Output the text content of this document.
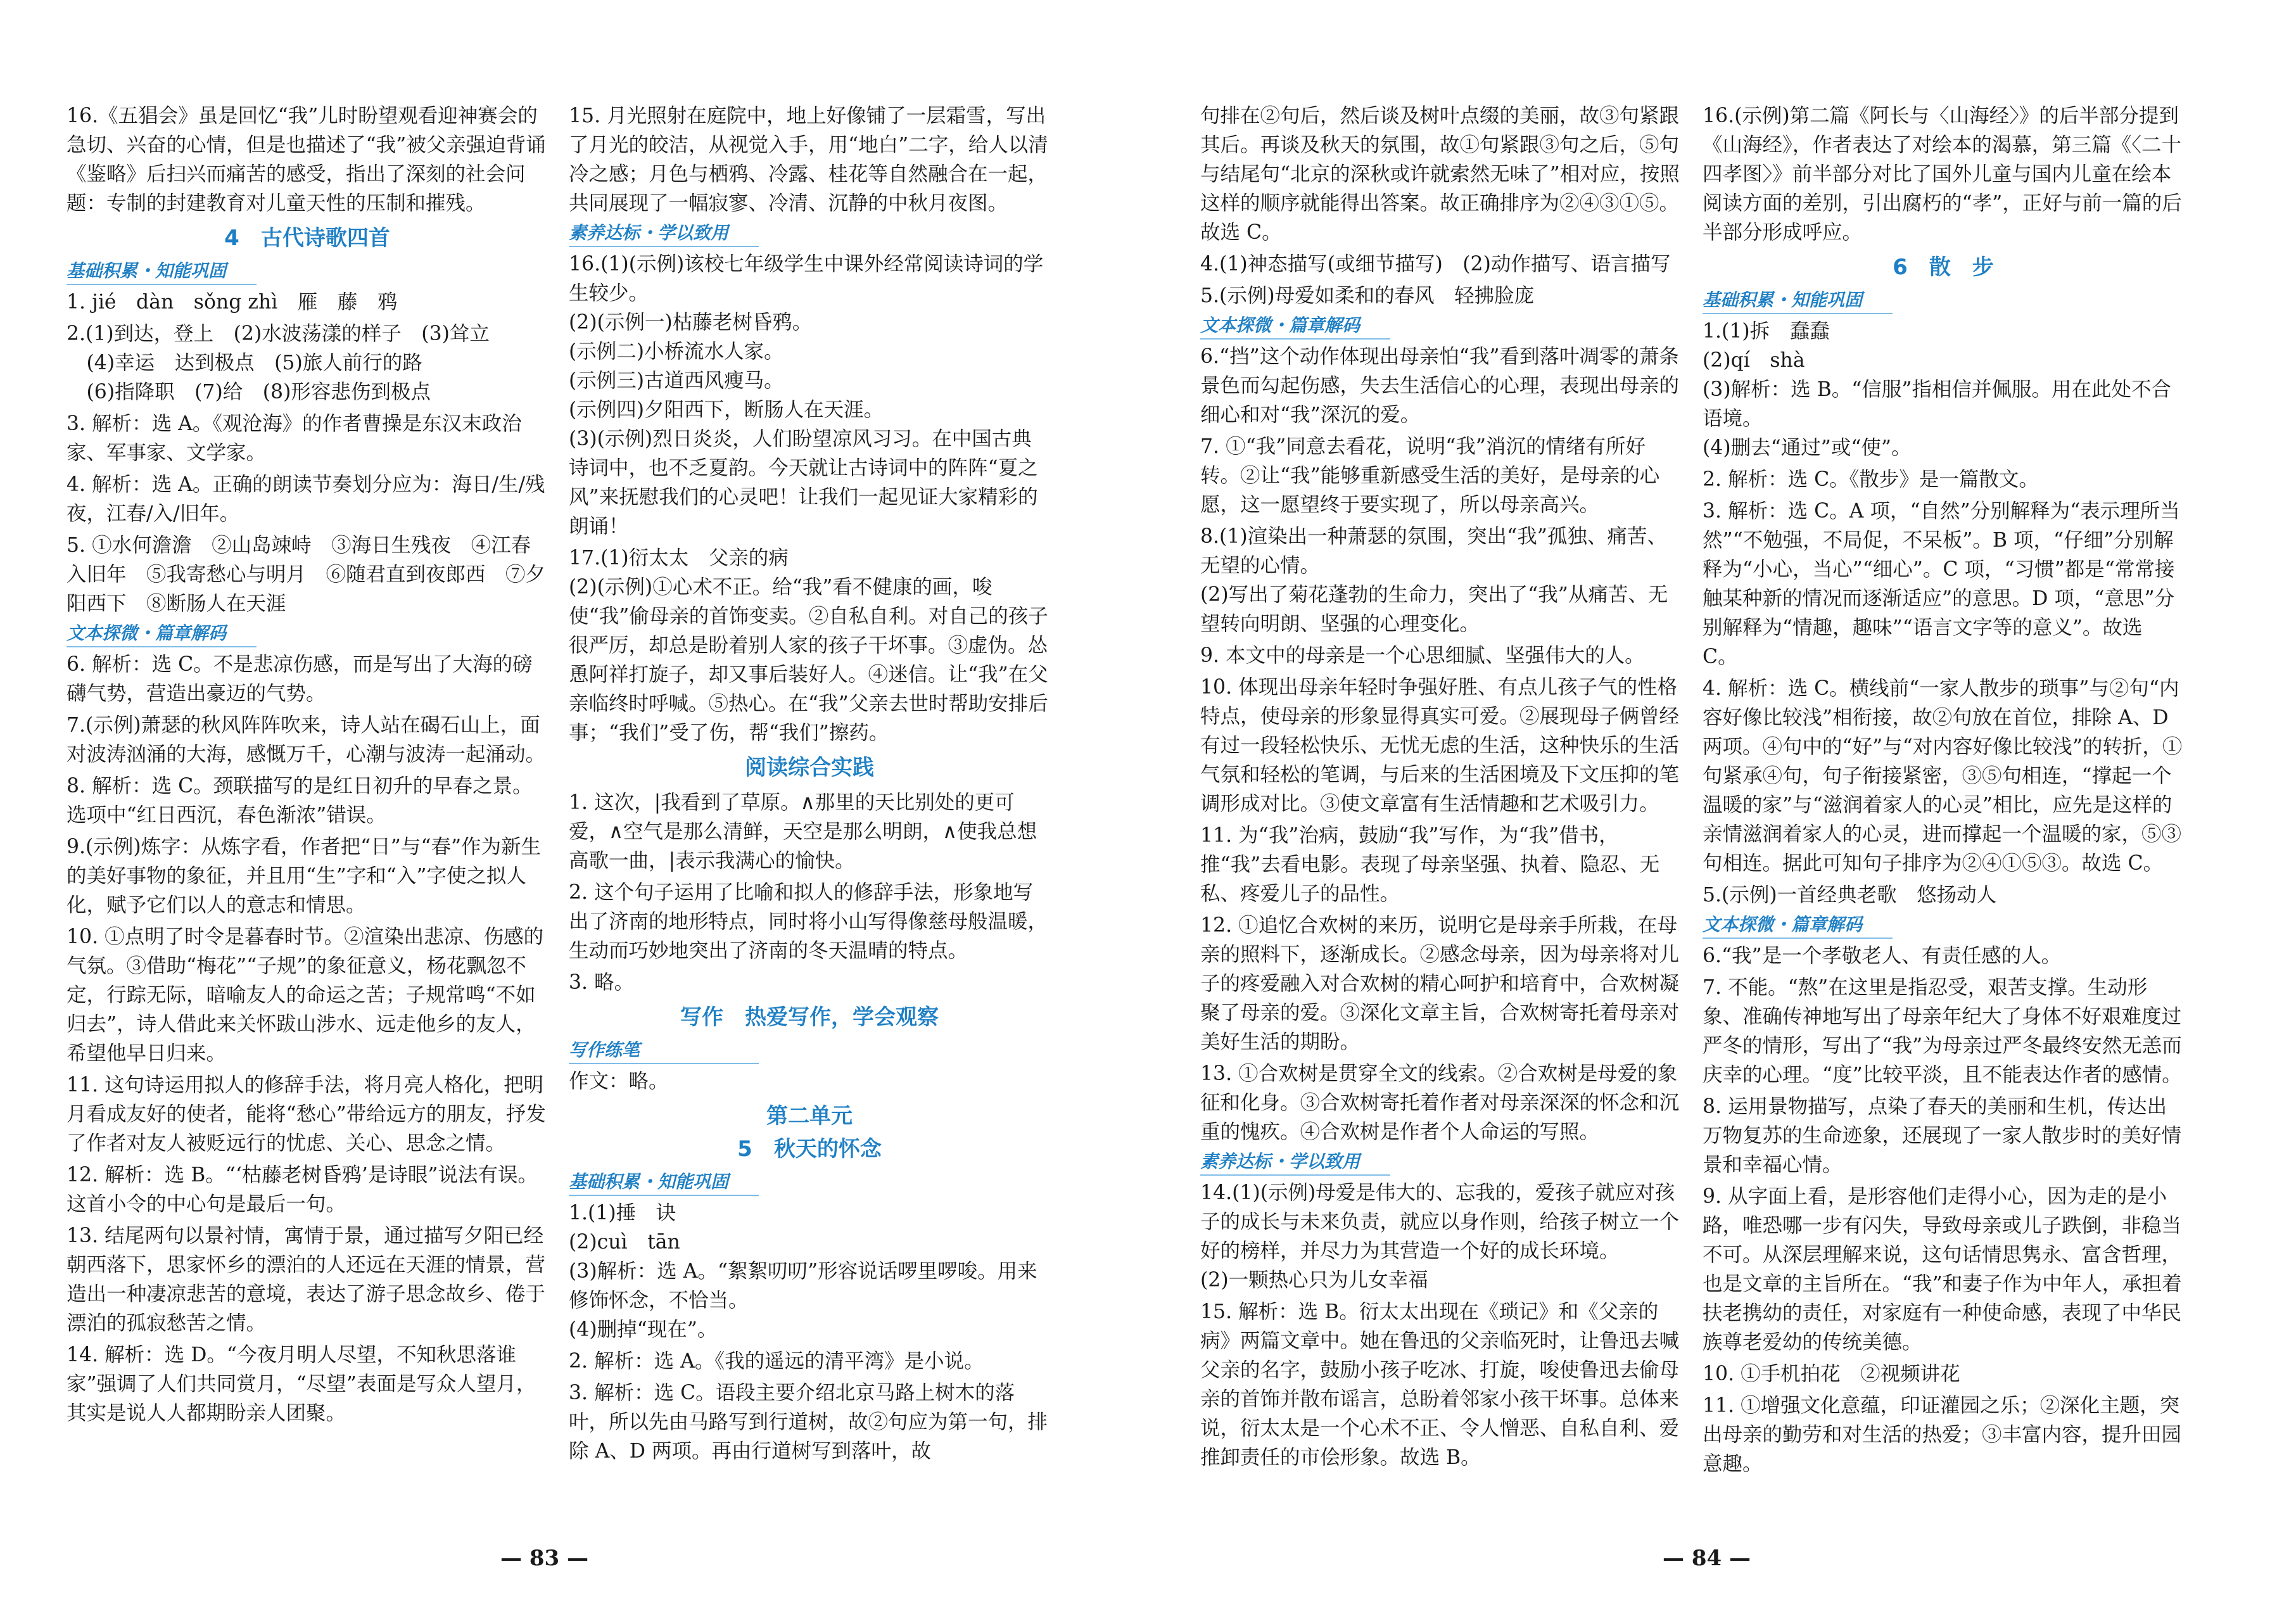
16.《五猖会》虽是回忆“我”儿时盼望观看迎神赛会的急切、兴奋的心情，但是也描述了“我”被父亲强迫背诵《鉴略》后扫兴而痛苦的感受，指出了深刻的社会问题：专制的封建教育对儿童天性的压制和摧残。
4　古代诗歌四首
基础积累・知能巩固
1. jié　dàn　sǒng zhì　雁　藤　鸦
2.(1)到达，登上　(2)水波荡漾的样子　(3)耸立
　(4)幸运　达到极点　(5)旅人前行的路
　(6)指降职　(7)给　(8)形容悲伤到极点
3. 解析：选 A。《观沧海》的作者曹操是东汉末政治家、军事家、文学家。
4. 解析：选 A。正确的朗读节奏划分应为：海日/生/残夜，江春/入/旧年。
5. ①水何澹澹　②山岛竦峙　③海日生残夜　④江春入旧年　⑤我寄愁心与明月　⑥随君直到夜郎西　⑦夕阳西下　⑧断肠人在天涯
文本探微・篇章解码
6. 解析：选 C。不是悲凉伤感，而是写出了大海的磅礴气势，营造出豪迈的气势。
7.(示例)萧瑟的秋风阵阵吹来，诗人站在碣石山上，面对波涛汹涌的大海，感慨万千，心潮与波涛一起涌动。
8. 解析：选 C。颈联描写的是红日初升的早春之景。选项中“红日西沉，春色渐浓”错误。
9.(示例)炼字：从炼字看，作者把“日”与“春”作为新生的美好事物的象征，并且用“生”字和“入”字使之拟人化，赋予它们以人的意志和情思。
10. ①点明了时令是暮春时节。②渲染出悲凉、伤感的气氛。③借助“梅花”“子规”的象征意义，杨花飘忽不定，行踪无际，暗喻友人的命运之苦；子规常鸣“不如归去”，诗人借此来关怀跋山涉水、远走他乡的友人，希望他早日归来。
11. 这句诗运用拟人的修辞手法，将月亮人格化，把明月看成友好的使者，能将“愁心”带给远方的朋友，抒发了作者对友人被贬远行的忧虑、关心、思念之情。
12. 解析：选 B。“‘枯藤老树昏鸦’是诗眼”说法有误。这首小令的中心句是最后一句。
13. 结尾两句以景衬情，寓情于景，通过描写夕阳已经朝西落下，思家怀乡的漂泊的人还远在天涯的情景，营造出一种凄凉悲苦的意境，表达了游子思念故乡、倦于漂泊的孤寂愁苦之情。
14. 解析：选 D。“今夜月明人尽望，不知秋思落谁家”强调了人们共同赏月，“尽望”表面是写众人望月，其实是说人人都期盼亲人团聚。
15. 月光照射在庭院中，地上好像铺了一层霜雪，写出了月光的皎洁，从视觉入手，用“地白”二字，给人以清冷之感；月色与栖鸦、冷露、桂花等自然融合在一起，共同展现了一幅寂寥、冷清、沉静的中秋月夜图。
素养达标・学以致用
16.(1)(示例)该校七年级学生中课外经常阅读诗词的学生较少。
(2)(示例一)枯藤老树昏鸦。
(示例二)小桥流水人家。
(示例三)古道西风瘦马。
(示例四)夕阳西下，断肠人在天涯。
(3)(示例)烈日炎炎，人们盼望凉风习习。在中国古典诗词中，也不乏夏韵。今天就让古诗词中的阵阵“夏之风”来抚慰我们的心灵吧！让我们一起见证大家精彩的朗诵！
17.(1)衍太太　父亲的病
(2)(示例)①心术不正。给“我”看不健康的画，唆使“我”偷母亲的首饰变卖。②自私自利。对自己的孩子很严厉，却总是盼着别人家的孩子干坏事。③虚伪。怂恿阿祥打旋子，却又事后装好人。④迷信。让“我”在父亲临终时呼喊。⑤热心。在“我”父亲去世时帮助安排后事；“我们”受了伤，帮“我们”擦药。
阅读综合实践
1. 这次，|我看到了草原。∧那里的天比别处的更可爱，∧空气是那么清鲜，天空是那么明朗，∧使我总想高歌一曲，|表示我满心的愉快。
2. 这个句子运用了比喻和拟人的修辞手法，形象地写出了济南的地形特点，同时将小山写得像慈母般温暖，生动而巧妙地突出了济南的冬天温晴的特点。
3. 略。
写作　热爱写作，学会观察
写作练笔
作文：略。
第二单元
5　秋天的怀念
基础积累・知能巩固
1.(1)捶　诀
(2)cuì　tān
(3)解析：选 A。“絮絮叨叨”形容说话啰里啰唆。用来修饰怀念，不恰当。
(4)删掉“现在”。
2. 解析：选 A。《我的遥远的清平湾》是小说。
3. 解析：选 C。语段主要介绍北京马路上树木的落叶，所以先由马路写到行道树，故②句应为第一句，排除 A、D 两项。再由行道树写到落叶，故
句排在②句后，然后谈及树叶点缀的美丽，故③句紧跟其后。再谈及秋天的氛围，故①句紧跟③句之后，⑤句与结尾句“北京的深秋或许就索然无味了”相对应，按照这样的顺序就能得出答案。故正确排序为②④③①⑤。故选 C。
4.(1)神态描写(或细节描写)　(2)动作描写、语言描写
5.(示例)母爱如柔和的春风　轻拂脸庞
文本探微・篇章解码
6.“挡”这个动作体现出母亲怕“我”看到落叶凋零的萧条景色而勾起伤感，失去生活信心的心理，表现出母亲的细心和对“我”深沉的爱。
7. ①“我”同意去看花，说明“我”消沉的情绪有所好转。②让“我”能够重新感受生活的美好，是母亲的心愿，这一愿望终于要实现了，所以母亲高兴。
8.(1)渲染出一种萧瑟的氛围，突出“我”孤独、痛苦、无望的心情。
(2)写出了菊花蓬勃的生命力，突出了“我”从痛苦、无望转向明朗、坚强的心理变化。
9. 本文中的母亲是一个心思细腻、坚强伟大的人。
10. 体现出母亲年轻时争强好胜、有点儿孩子气的性格特点，使母亲的形象显得真实可爱。②展现母子俩曾经有过一段轻松快乐、无忧无虑的生活，这种快乐的生活气氛和轻松的笔调，与后来的生活困境及下文压抑的笔调形成对比。③使文章富有生活情趣和艺术吸引力。
11. 为“我”治病，鼓励“我”写作，为“我”借书，推“我”去看电影。表现了母亲坚强、执着、隐忍、无私、疼爱儿子的品性。
12. ①追忆合欢树的来历，说明它是母亲手所栽，在母亲的照料下，逐渐成长。②感念母亲，因为母亲将对儿子的疼爱融入对合欢树的精心呵护和培育中，合欢树凝聚了母亲的爱。③深化文章主旨，合欢树寄托着母亲对美好生活的期盼。
13. ①合欢树是贯穿全文的线索。②合欢树是母爱的象征和化身。③合欢树寄托着作者对母亲深深的怀念和沉重的愧疚。④合欢树是作者个人命运的写照。
素养达标・学以致用
14.(1)(示例)母爱是伟大的、忘我的，爱孩子就应对孩子的成长与未来负责，就应以身作则，给孩子树立一个好的榜样，并尽力为其营造一个好的成长环境。
(2)一颗热心只为儿女幸福
15. 解析：选 B。衍太太出现在《琐记》和《父亲的病》两篇文章中。她在鲁迅的父亲临死时，让鲁迅去喊父亲的名字，鼓励小孩子吃冰、打旋，唆使鲁迅去偷母亲的首饰并散布谣言，总盼着邻家小孩干坏事。总体来说，衍太太是一个心术不正、令人憎恶、自私自利、爱推卸责任的市侩形象。故选 B。
16.(示例)第二篇《阿长与〈山海经〉》的后半部分提到《山海经》，作者表达了对绘本的渴慕，第三篇《〈二十四孝图〉》前半部分对比了国外儿童与国内儿童在绘本阅读方面的差别，引出腐朽的“孝”，正好与前一篇的后半部分形成呼应。
6　散　步
基础积累・知能巩固
1.(1)拆　蠢蠢
(2)qí　shà
(3)解析：选 B。“信服”指相信并佩服。用在此处不合语境。
(4)删去“通过”或“使”。
2. 解析：选 C。《散步》是一篇散文。
3. 解析：选 C。A 项，“自然”分别解释为“表示理所当然”“不勉强，不局促，不呆板”。B 项，“仔细”分别解释为“小心，当心”“细心”。C 项，“习惯”都是“常常接触某种新的情况而逐渐适应”的意思。D 项，“意思”分别解释为“情趣，趣味”“语言文字等的意义”。故选 C。
4. 解析：选 C。横线前“一家人散步的琐事”与②句“内容好像比较浅”相衔接，故②句放在首位，排除 A、D 两项。④句中的“好”与“对内容好像比较浅”的转折，①句紧承④句，句子衔接紧密，③⑤句相连，“撑起一个温暖的家”与“滋润着家人的心灵”相比，应先是这样的亲情滋润着家人的心灵，进而撑起一个温暖的家，⑤③句相连。据此可知句子排序为②④①⑤③。故选 C。
5.(示例)一首经典老歌　悠扬动人
文本探微・篇章解码
6.“我”是一个孝敬老人、有责任感的人。
7. 不能。“熬”在这里是指忍受，艰苦支撑。生动形象、准确传神地写出了母亲年纪大了身体不好艰难度过严冬的情形，写出了“我”为母亲过严冬最终安然无恙而庆幸的心理。“度”比较平淡，且不能表达作者的感情。
8. 运用景物描写，点染了春天的美丽和生机，传达出万物复苏的生命迹象，还展现了一家人散步时的美好情景和幸福心情。
9. 从字面上看，是形容他们走得小心，因为走的是小路，唯恐哪一步有闪失，导致母亲或儿子跌倒，非稳当不可。从深层理解来说，这句话情思隽永、富含哲理，也是文章的主旨所在。“我”和妻子作为中年人，承担着扶老携幼的责任，对家庭有一种使命感，表现了中华民族尊老爱幼的传统美德。
10. ①手机拍花　②视频讲花
11. ①增强文化意蕴，印证灌园之乐；②深化主题，突出母亲的勤劳和对生活的热爱；③丰富内容，提升田园意趣。
— 83 —	— 84 —
